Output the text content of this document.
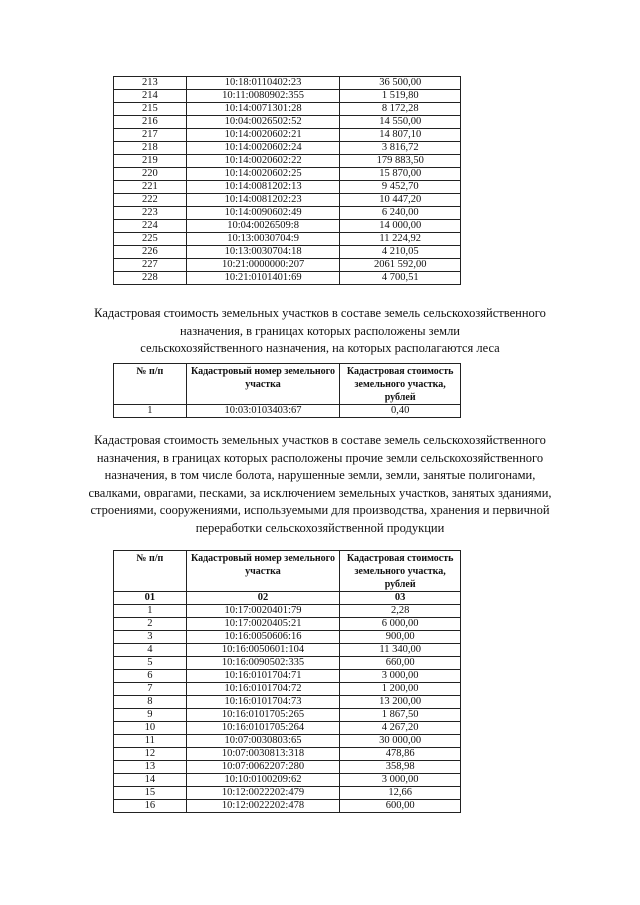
213	10:18:0110402:23	36 500,00
214	10:11:0080902:355	1 519,80
215	10:14:0071301:28	8 172,28
216	10:04:0026502:52	14 550,00
217	10:14:0020602:21	14 807,10
218	10:14:0020602:24	3 816,72
219	10:14:0020602:22	179 883,50
220	10:14:0020602:25	15 870,00
221	10:14:0081202:13	9 452,70
222	10:14:0081202:23	10 447,20
223	10:14:0090602:49	6 240,00
224	10:04:0026509:8	14 000,00
225	10:13:0030704:9	11 224,92
226	10:13:0030704:18	4 210,05
227	10:21:0000000:207	2061 592,00
228	10:21:0101401:69	4 700,51
Кадастровая стоимость земельных участков в составе земель сельскохозяйственного
назначения, в границах которых расположены земли
сельскохозяйственного назначения, на которых располагаются леса
№ п/п	Кадастровый номер земельного участка	Кадастровая стоимость земельного участка, рублей
1	10:03:0103403:67	0,40
Кадастровая стоимость земельных участков в составе земель сельскохозяйственного
назначения, в границах которых расположены прочие земли сельскохозяйственного
назначения, в том числе болота, нарушенные земли, земли, занятые полигонами,
свалками, оврагами, песками, за исключением земельных участков, занятых зданиями,
строениями, сооружениями, используемыми для производства, хранения и первичной
переработки сельскохозяйственной продукции
№ п/п	Кадастровый номер земельного участка	Кадастровая стоимость земельного участка, рублей
01	02	03
1	10:17:0020401:79	2,28
2	10:17:0020405:21	6 000,00
3	10:16:0050606:16	900,00
4	10:16:0050601:104	11 340,00
5	10:16:0090502:335	660,00
6	10:16:0101704:71	3 000,00
7	10:16:0101704:72	1 200,00
8	10:16:0101704:73	13 200,00
9	10:16:0101705:265	1 867,50
10	10:16:0101705:264	4 267,20
11	10:07:0030803:65	30 000,00
12	10:07:0030813:318	478,86
13	10:07:0062207:280	358,98
14	10:10:0100209:62	3 000,00
15	10:12:0022202:479	12,66
16	10:12:0022202:478	600,00
